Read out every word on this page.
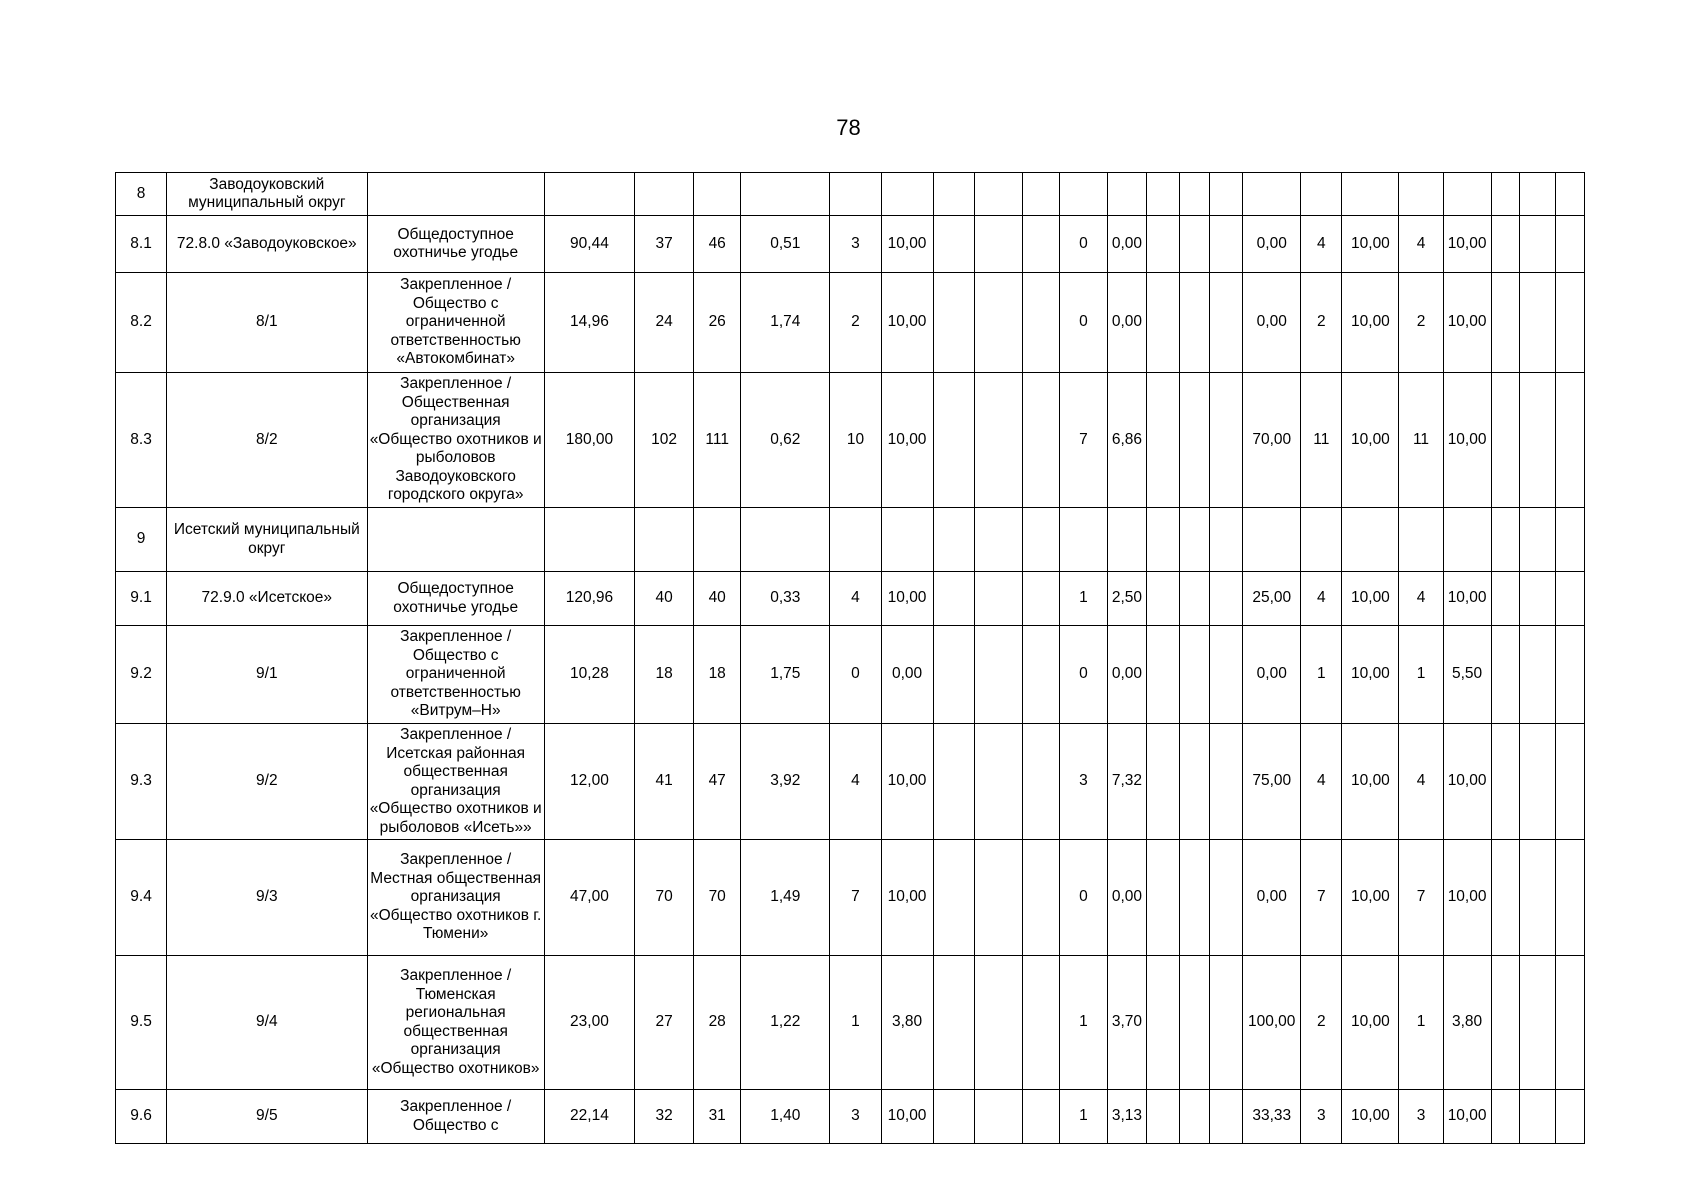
78
8	Заводоуковский муниципальный округ																							
8.1	72.8.0 «Заводоуковское»	Общедоступное охотничье угодье	90,44	37	46	0,51	3	10,00				0	0,00				0,00	4	10,00	4	10,00			
8.2	8/1	Закрепленное / Общество с ограниченной ответственностью «Автокомбинат»	14,96	24	26	1,74	2	10,00				0	0,00				0,00	2	10,00	2	10,00			
8.3	8/2	Закрепленное / Общественная организация «Общество охотников и рыболовов Заводоуковского городского округа»	180,00	102	111	0,62	10	10,00				7	6,86				70,00	11	10,00	11	10,00			
9	Исетский муниципальный округ																							
9.1	72.9.0 «Исетское»	Общедоступное охотничье угодье	120,96	40	40	0,33	4	10,00				1	2,50				25,00	4	10,00	4	10,00			
9.2	9/1	Закрепленное / Общество с ограниченной ответственностью «Витрум–Н»	10,28	18	18	1,75	0	0,00				0	0,00				0,00	1	10,00	1	5,50			
9.3	9/2	Закрепленное / Исетская районная общественная организация «Общество охотников и рыболовов «Исеть»»	12,00	41	47	3,92	4	10,00				3	7,32				75,00	4	10,00	4	10,00			
9.4	9/3	Закрепленное / Местная общественная организация «Общество охотников г. Тюмени»	47,00	70	70	1,49	7	10,00				0	0,00				0,00	7	10,00	7	10,00			
9.5	9/4	Закрепленное / Тюменская региональная общественная организация «Общество охотников»	23,00	27	28	1,22	1	3,80				1	3,70				100,00	2	10,00	1	3,80			
9.6	9/5	Закрепленное / Общество с	22,14	32	31	1,40	3	10,00				1	3,13				33,33	3	10,00	3	10,00			
